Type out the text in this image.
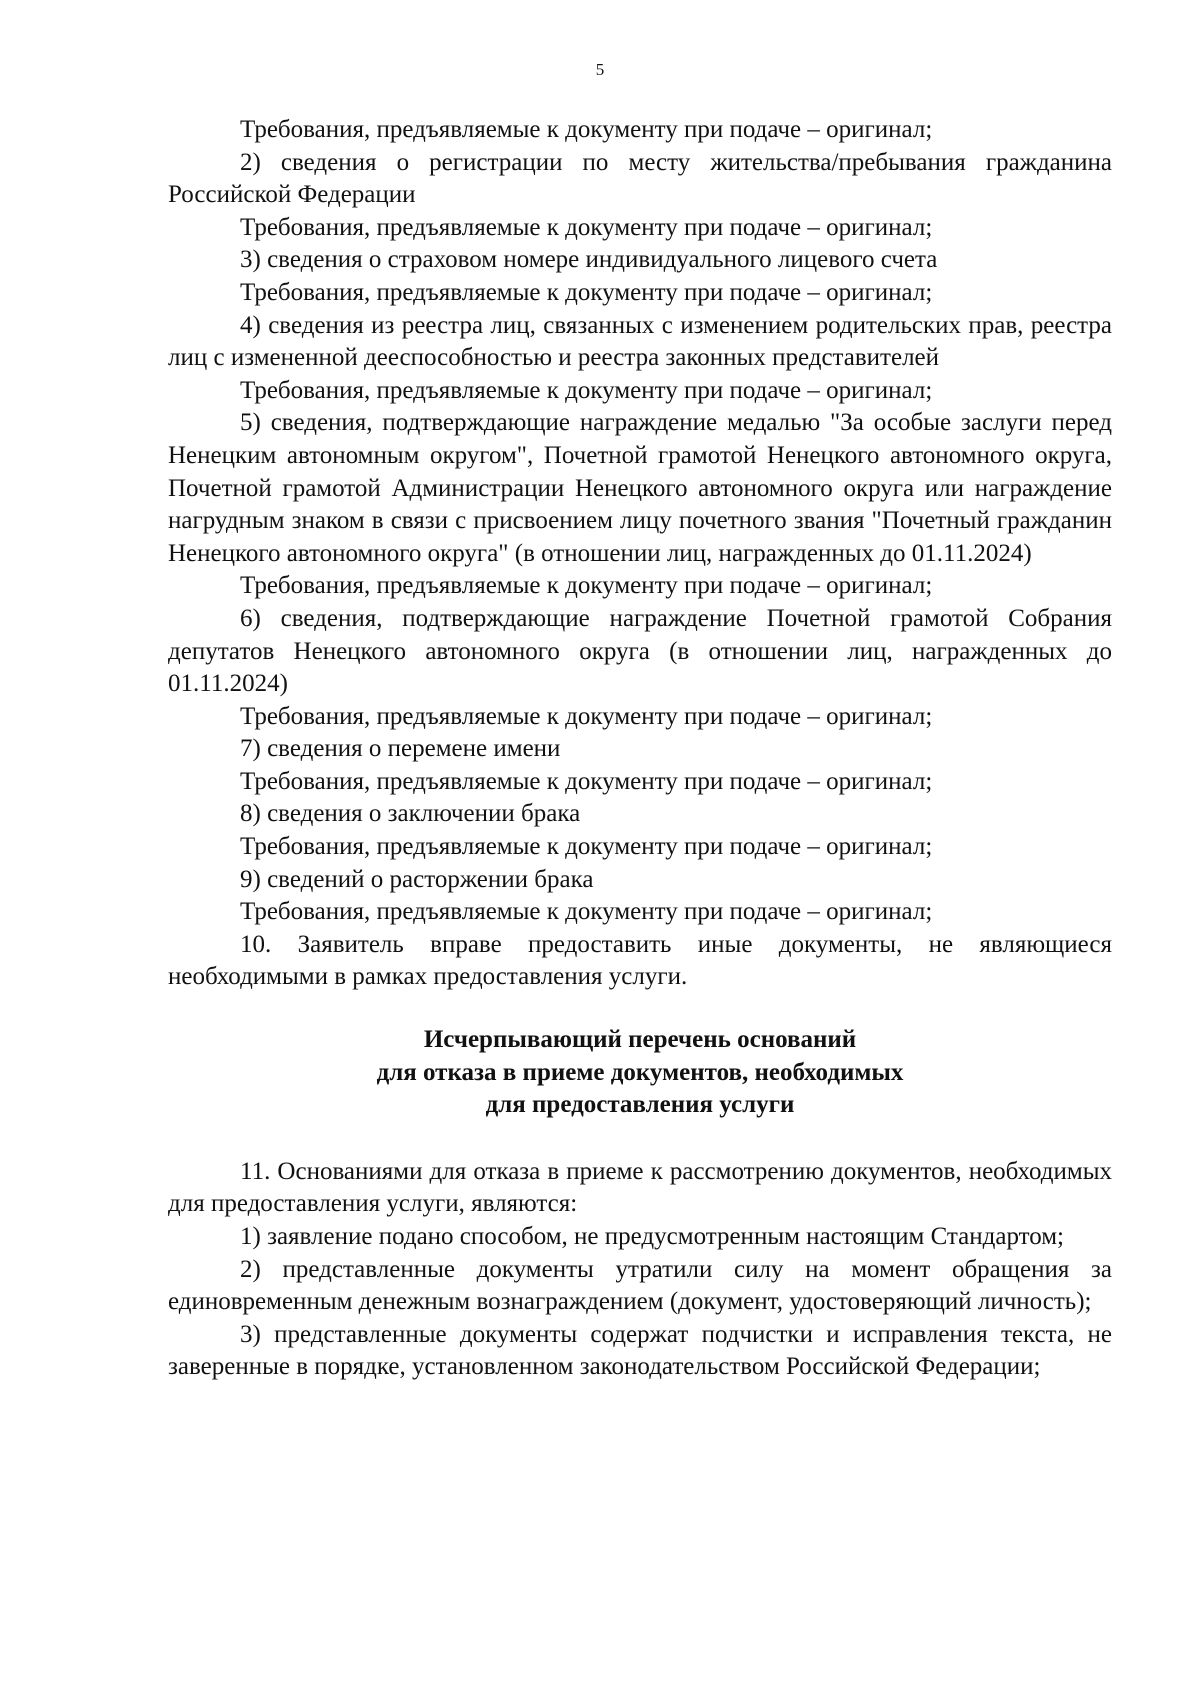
5

Требования, предъявляемые к документу при подаче – оригинал;

2) сведения о регистрации по месту жительства/пребывания гражданина Российской Федерации

Требования, предъявляемые к документу при подаче – оригинал;

3) сведения о страховом номере индивидуального лицевого счета

Требования, предъявляемые к документу при подаче – оригинал;

4) сведения из реестра лиц, связанных с изменением родительских прав, реестра лиц с измененной дееспособностью и реестра законных представителей

Требования, предъявляемые к документу при подаче – оригинал;

5) сведения, подтверждающие награждение медалью "За особые заслуги перед Ненецким автономным округом", Почетной грамотой Ненецкого автономного округа, Почетной грамотой Администрации Ненецкого автономного округа или награждение нагрудным знаком в связи с присвоением лицу почетного звания "Почетный гражданин Ненецкого автономного округа" (в отношении лиц, награжденных до 01.11.2024)

Требования, предъявляемые к документу при подаче – оригинал;

6) сведения, подтверждающие награждение Почетной грамотой Собрания депутатов Ненецкого автономного округа (в отношении лиц, награжденных до 01.11.2024)

Требования, предъявляемые к документу при подаче – оригинал;

7) сведения о перемене имени

Требования, предъявляемые к документу при подаче – оригинал;

8) сведения о заключении брака

Требования, предъявляемые к документу при подаче – оригинал;

9) сведений о расторжении брака

Требования, предъявляемые к документу при подаче – оригинал;

10. Заявитель вправе предоставить иные документы, не являющиеся необходимыми в рамках предоставления услуги.

Исчерпывающий перечень оснований
для отказа в приеме документов, необходимых
для предоставления услуги

11. Основаниями для отказа в приеме к рассмотрению документов, необходимых для предоставления услуги, являются:

1) заявление подано способом, не предусмотренным настоящим Стандартом;

2) представленные документы утратили силу на момент обращения за единовременным денежным вознаграждением (документ, удостоверяющий личность);

3) представленные документы содержат подчистки и исправления текста, не заверенные в порядке, установленном законодательством Российской Федерации;
